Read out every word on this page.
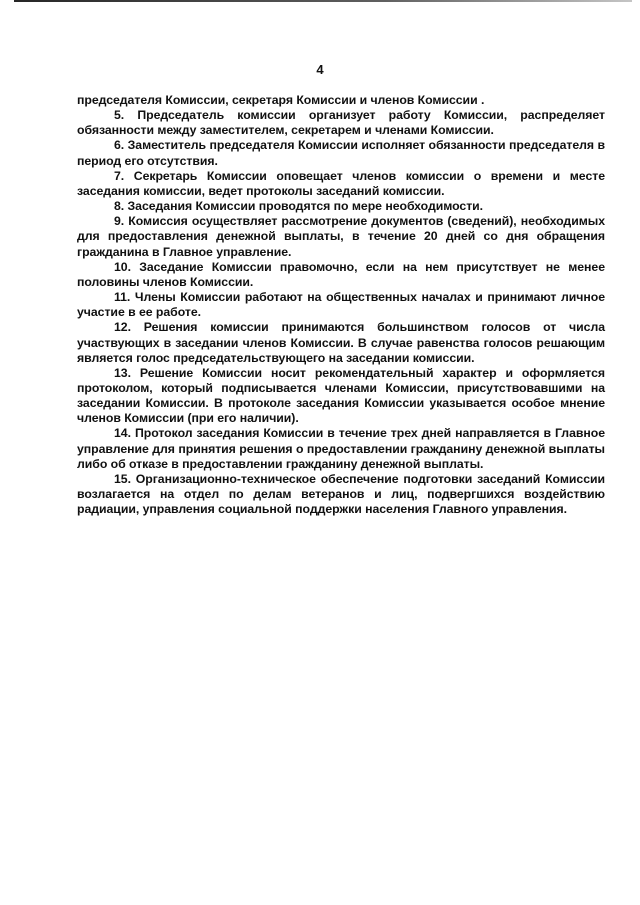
4

председателя Комиссии, секретаря Комиссии и членов Комиссии .

5. Председатель комиссии организует работу Комиссии, распределяет обязанности между заместителем, секретарем и членами Комиссии.

6. Заместитель председателя Комиссии исполняет обязанности председателя в период его отсутствия.

7. Секретарь Комиссии оповещает членов комиссии о времени и месте заседания комиссии, ведет протоколы заседаний комиссии.

8. Заседания Комиссии проводятся по мере необходимости.

9. Комиссия осуществляет рассмотрение документов (сведений), необходимых для предоставления денежной выплаты, в течение 20 дней со дня обращения гражданина в Главное управление.

10. Заседание Комиссии правомочно, если на нем присутствует не менее половины членов Комиссии.

11. Члены Комиссии работают на общественных началах и принимают личное участие в ее работе.

12. Решения комиссии принимаются большинством голосов от числа участвующих в заседании членов Комиссии. В случае равенства голосов решающим является голос председательствующего на заседании комиссии.

13. Решение Комиссии носит рекомендательный характер и оформляется протоколом, который подписывается членами Комиссии, присутствовавшими на заседании Комиссии. В протоколе заседания Комиссии указывается особое мнение членов Комиссии (при его наличии).

14. Протокол заседания Комиссии в течение трех дней направляется в Главное управление для принятия решения о предоставлении гражданину денежной выплаты либо об отказе в предоставлении гражданину денежной выплаты.

15. Организационно-техническое обеспечение подготовки заседаний Комиссии возлагается на отдел по делам ветеранов и лиц, подвергшихся воздействию радиации, управления социальной поддержки населения Главного управления.
